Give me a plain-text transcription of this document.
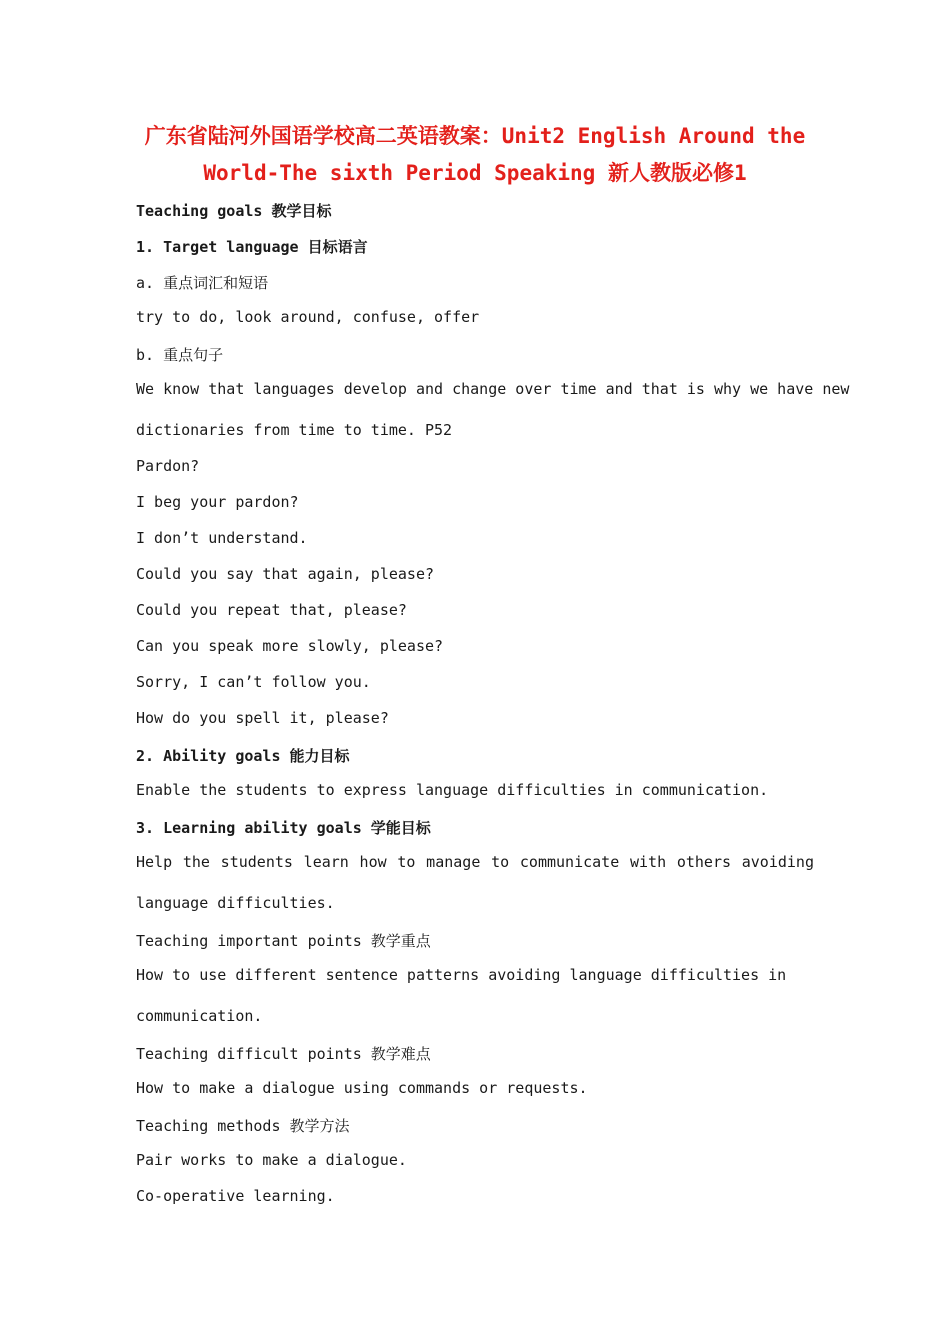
广东省陆河外国语学校高二英语教案：Unit2 English Around the
World-The sixth Period Speaking 新人教版必修1
Teaching goals 教学目标
1. Target language 目标语言
a. 重点词汇和短语
try to do, look around, confuse, offer
b. 重点句子
We know that languages develop and change over time and that is why we have new
dictionaries from time to time. P52
Pardon?
I beg your pardon?
I don’t understand.
Could you say that again, please?
Could you repeat that, please?
Can you speak more slowly, please?
Sorry, I can’t follow you.
How do you spell it, please?
2. Ability goals 能力目标
Enable the students to express language difficulties in communication.
3. Learning ability goals 学能目标
Help the students learn how to manage to communicate with others avoiding
language difficulties.
Teaching important points 教学重点
How to use different sentence patterns avoiding language difficulties in
communication.
Teaching difficult points 教学难点
How to make a dialogue using commands or requests.
Teaching methods 教学方法
Pair works to make a dialogue.
Co-operative learning.
